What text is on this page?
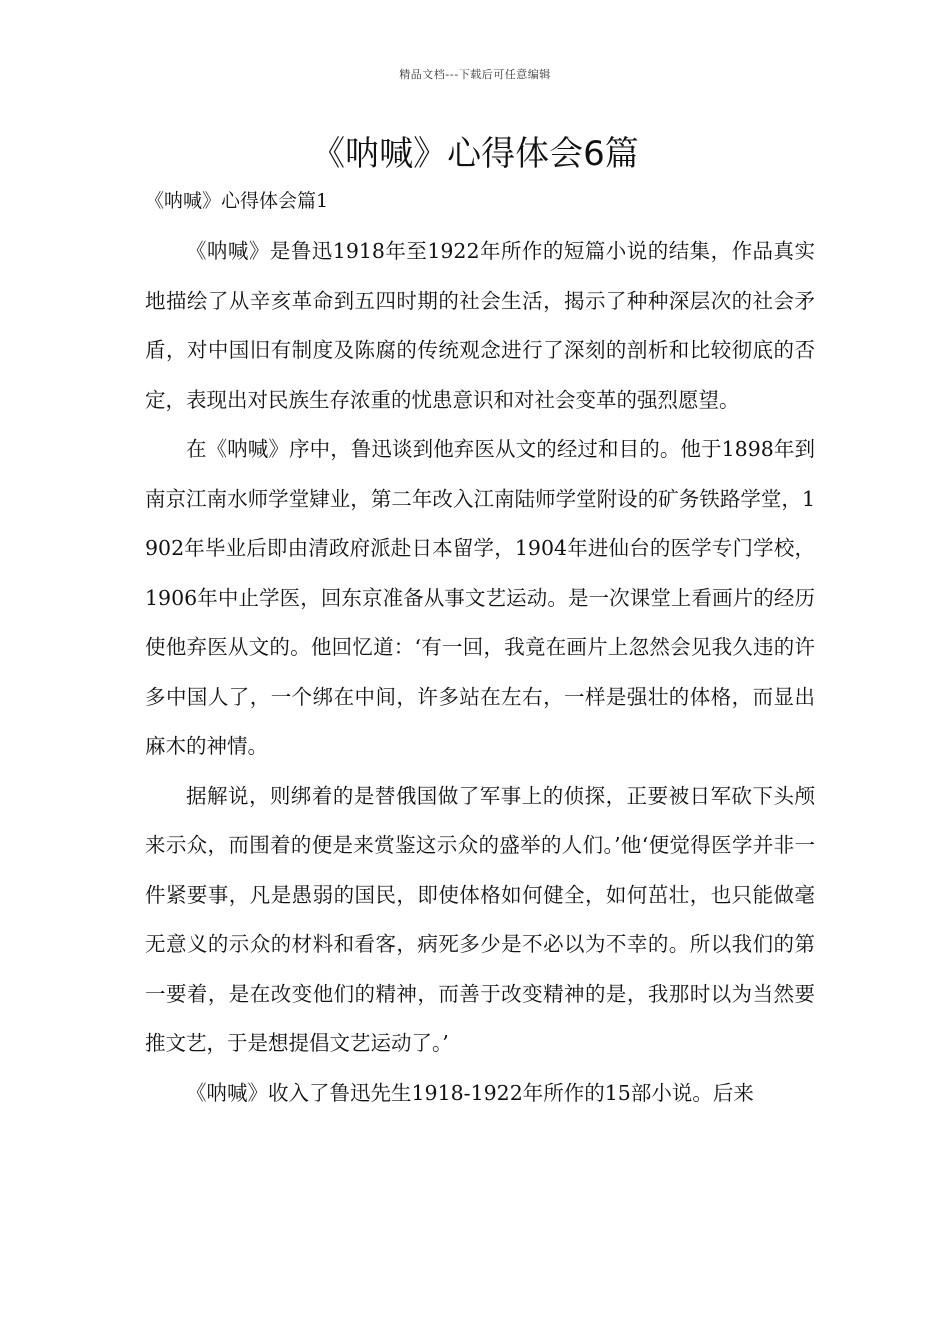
精品文档---下载后可任意编辑
《呐喊》心得体会6篇
《呐喊》心得体会篇1

《呐喊》是鲁迅1918年至1922年所作的短篇小说的结集，作品真实地描绘了从辛亥革命到五四时期的社会生活，揭示了种种深层次的社会矛盾，对中国旧有制度及陈腐的传统观念进行了深刻的剖析和比较彻底的否定，表现出对民族生存浓重的忧患意识和对社会变革的强烈愿望。

在《呐喊》序中，鲁迅谈到他弃医从文的经过和目的。他于1898年到南京江南水师学堂肄业，第二年改入江南陆师学堂附设的矿务铁路学堂，1902年毕业后即由清政府派赴日本留学，1904年进仙台的医学专门学校，1906年中止学医，回东京准备从事文艺运动。是一次课堂上看画片的经历使他弃医从文的。他回忆道：‘有一回，我竟在画片上忽然会见我久违的许多中国人了，一个绑在中间，许多站在左右，一样是强壮的体格，而显出麻木的神情。

据解说，则绑着的是替俄国做了军事上的侦探，正要被日军砍下头颅来示众，而围着的便是来赏鉴这示众的盛举的人们。’他‘便觉得医学并非一件紧要事，凡是愚弱的国民，即使体格如何健全，如何茁壮，也只能做毫无意义的示众的材料和看客，病死多少是不必以为不幸的。所以我们的第一要着，是在改变他们的精神，而善于改变精神的是，我那时以为当然要推文艺，于是想提倡文艺运动了。’

《呐喊》收入了鲁迅先生1918-1922年所作的15部小说。后来
